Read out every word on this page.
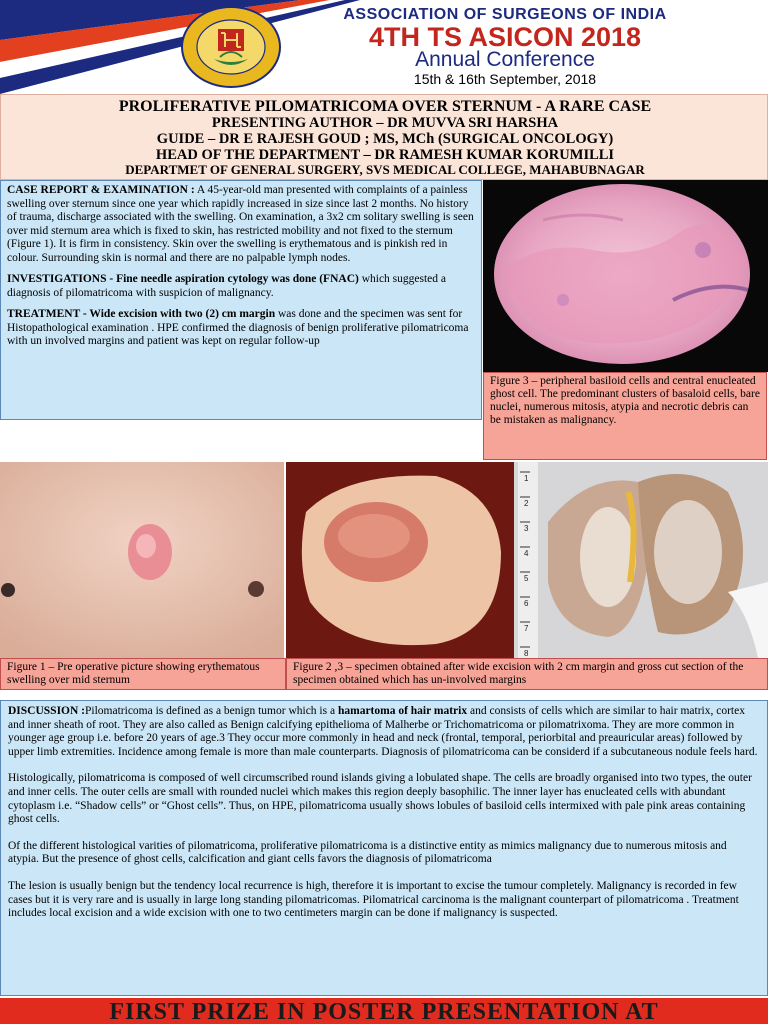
ASSOCIATION OF SURGEONS OF INDIA
4TH TS ASICON 2018
Annual Conference
15th & 16th September, 2018
PROLIFERATIVE PILOMATRICOMA OVER STERNUM - A RARE CASE
PRESENTING AUTHOR – DR MUVVA SRI HARSHA
GUIDE – DR E RAJESH GOUD ; MS, MCh (SURGICAL ONCOLOGY)
HEAD OF THE DEPARTMENT – DR RAMESH KUMAR KORUMILLI
DEPARTMET OF GENERAL SURGERY, SVS MEDICAL COLLEGE, MAHABUBNAGAR

CASE REPORT & EXAMINATION : A 45-year-old man presented with complaints of a painless swelling over sternum since one year which rapidly increased in size since last 2 months. No history of trauma, discharge associated with the swelling. On examination, a 3x2 cm solitary swelling is seen over mid sternum area which is fixed to skin, has restricted mobility and not fixed to the sternum (Figure 1). It is firm in consistency. Skin over the swelling is erythematous and is pinkish red in colour. Surrounding skin is normal and there are no palpable lymph nodes.

INVESTIGATIONS - Fine needle aspiration cytology was done (FNAC) which suggested a diagnosis of pilomatricoma with suspicion of malignancy.

TREATMENT - Wide excision with two (2) cm margin was done and the specimen was sent for Histopathological examination . HPE confirmed the diagnosis of benign proliferative pilomatricoma with un involved margins and patient was kept on regular follow-up

Figure 3 – peripheral basiloid cells and central enucleated ghost cell. The predominant clusters of basaloid cells, bare nuclei, numerous mitosis, atypia and necrotic debris can be mistaken as malignancy.
1
2
3
4
5
6
7
8
Figure 1 – Pre operative picture showing erythematous swelling over mid sternum
Figure 2 ,3 – specimen obtained after wide excision with 2 cm margin and gross cut section of the specimen obtained which has un-involved margins

DISCUSSION :Pilomatricoma is defined as a benign tumor which is a hamartoma of hair matrix and consists of cells which are similar to hair matrix, cortex and inner sheath of root. They are also called as Benign calcifying epithelioma of Malherbe or Trichomatricoma or pilomatrixoma. They are more common in younger age group i.e. before 20 years of age.3 They occur more commonly in head and neck (frontal, temporal, periorbital and preauricular areas) followed by upper limb extremities. Incidence among female is more than male counterparts. Diagnosis of pilomatricoma can be considerd if a subcutaneous nodule feels hard.

Histologically, pilomatricoma is composed of well circumscribed round islands giving a lobulated shape. The cells are broadly organised into two types, the outer and inner cells. The outer cells are small with rounded nuclei which makes this region deeply basophilic. The inner layer has enucleated cells with abundant cytoplasm i.e. “Shadow cells” or “Ghost cells”. Thus, on HPE, pilomatricoma usually shows lobules of basiloid cells intermixed with pale pink areas containing ghost cells.

Of the different histological varities of pilomatricoma, proliferative pilomatricoma is a distinctive entity as mimics malignancy due to numerous mitosis and atypia. But the presence of ghost cells, calcification and giant cells favors the diagnosis of pilomatricoma

The lesion is usually benign but the tendency local recurrence is high, therefore it is important to excise the tumour completely. Malignancy is recorded in few cases but it is very rare and is usually in large long standing pilomatricomas. Pilomatrical carcinoma is the malignant counterpart of pilomatricoma . Treatment includes local excision and a wide excision with one to two centimeters margin can be done if malignancy is suspected.

FIRST PRIZE IN POSTER PRESENTATION AT
